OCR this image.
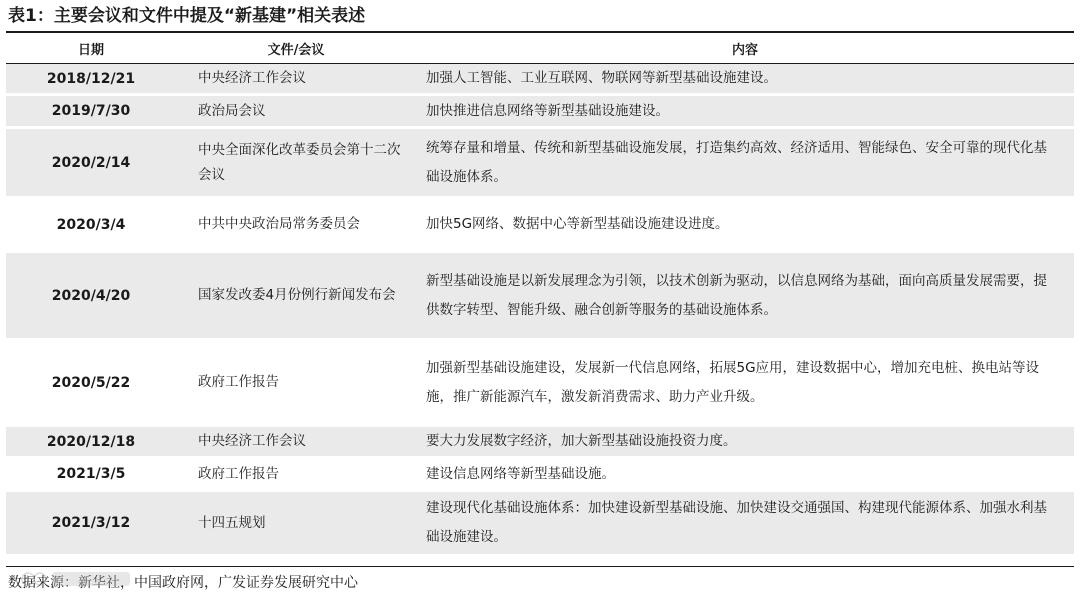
表1：主要会议和文件中提及“新基建”相关表述
日期	文件/会议	内容
2018/12/21	中央经济工作会议	加强人工智能、工业互联网、物联网等新型基础设施建设。
2019/7/30	政治局会议	加快推进信息网络等新型基础设施建设。
2020/2/14	中央全面深化改革委员会第十二次会议	统筹存量和增量、传统和新型基础设施发展，打造集约高效、经济适用、智能绿色、安全可靠的现代化基础设施体系。
2020/3/4	中共中央政治局常务委员会	加快5G网络、数据中心等新型基础设施建设进度。
2020/4/20	国家发改委4月份例行新闻发布会	新型基础设施是以新发展理念为引领，以技术创新为驱动，以信息网络为基础，面向高质量发展需要，提供数字转型、智能升级、融合创新等服务的基础设施体系。
2020/5/22	政府工作报告	加强新型基础设施建设，发展新一代信息网络，拓展5G应用，建设数据中心，增加充电桩、换电站等设施，推广新能源汽车，激发新消费需求、助力产业升级。
2020/12/18	中央经济工作会议	要大力发展数字经济，加大新型基础设施投资力度。
2021/3/5	政府工作报告	建设信息网络等新型基础设施。
2021/3/12	十四五规划	建设现代化基础设施体系：加快建设新型基础设施、加快建设交通强国、构建现代能源体系、加强水利基础设施建设。
数据来源：新华社，中国政府网，广发证券发展研究中心
